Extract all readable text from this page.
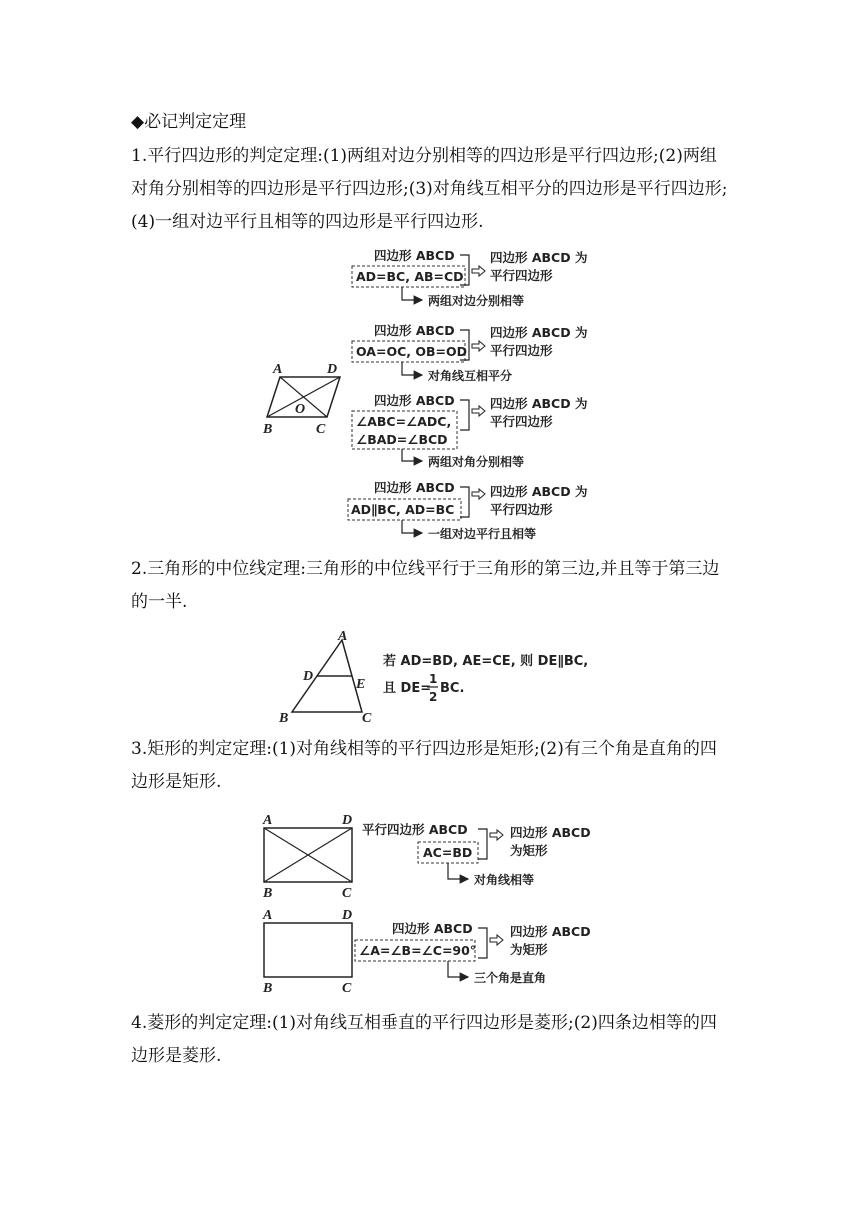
◆必记判定定理

1.平行四边形的判定定理:(1)两组对边分别相等的四边形是平行四边形;(2)两组对角分别相等的四边形是平行四边形;(3)对角线互相平分的四边形是平行四边形;(4)一组对边平行且相等的四边形是平行四边形.

A	D
B	C
O
四边形 ABCD
AD=BC, AB=CD
四边形 ABCD 为
平行四边形
两组对边分别相等
四边形 ABCD
OA=OC, OB=OD
四边形 ABCD 为
平行四边形
对角线互相平分
四边形 ABCD
∠ABC=∠ADC,
∠BAD=∠BCD
四边形 ABCD 为
平行四边形
两组对角分别相等
四边形 ABCD
AD∥BC, AD=BC
四边形 ABCD 为
平行四边形
一组对边平行且相等

2.三角形的中位线定理:三角形的中位线平行于三角形的第三边,并且等于第三边的一半.

A
D
E
B	C
若 AD=BD, AE=CE, 则 DE∥BC,
且 DE=
1
2
BC.

3.矩形的判定定理:(1)对角线相等的平行四边形是矩形;(2)有三个角是直角的四边形是矩形.

A	D
B	C
平行四边形 ABCD
AC=BD
四边形 ABCD
为矩形
对角线相等
A	D
B	C
四边形 ABCD
∠A=∠B=∠C=90°
四边形 ABCD
为矩形
三个角是直角

4.菱形的判定定理:(1)对角线互相垂直的平行四边形是菱形;(2)四条边相等的四边形是菱形.
